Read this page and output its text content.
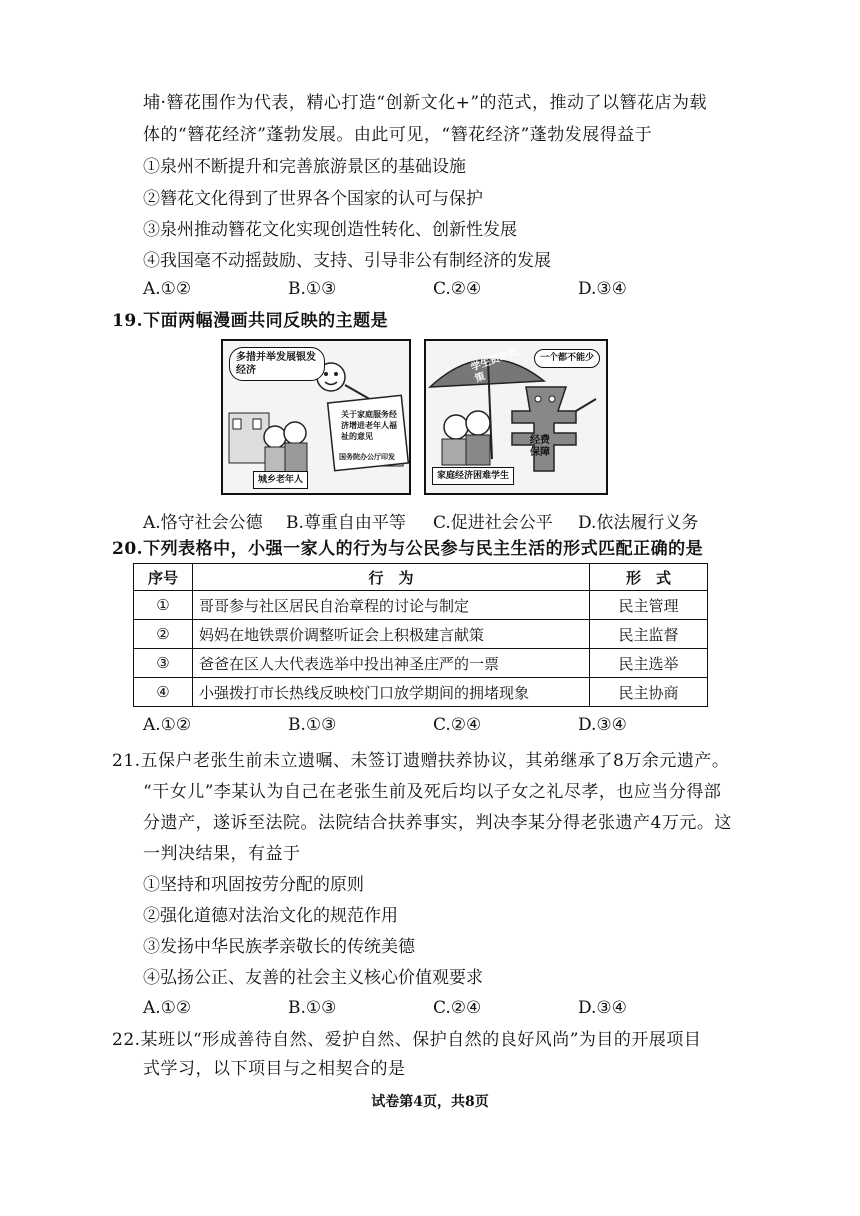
埔·簪花围作为代表，精心打造“创新文化+”的范式，推动了以簪花店为载
体的“簪花经济”蓬勃发展。由此可见，“簪花经济”蓬勃发展得益于
①泉州不断提升和完善旅游景区的基础设施
②簪花文化得到了世界各个国家的认可与保护
③泉州推动簪花文化实现创造性转化、创新性发展
④我国毫不动摇鼓励、支持、引导非公有制经济的发展
A.①②	B.①③	C.②④	D.③④
19.下面两幅漫画共同反映的主题是
多措并举发展银发经济
关于家庭服务经济增进老年人福祉的意见
国务院办公厅印发
城乡老年人
学生资助政策
一个都不能少
经费保障
家庭经济困难学生
A.恪守社会公德 B.尊重自由平等 C.促进社会公平 D.依法履行义务
20.下列表格中，小强一家人的行为与公民参与民主生活的形式匹配正确的是
序号	行　为	形　式
①	哥哥参与社区居民自治章程的讨论与制定	民主管理
②	妈妈在地铁票价调整听证会上积极建言献策	民主监督
③	爸爸在区人大代表选举中投出神圣庄严的一票	民主选举
④	小强拨打市长热线反映校门口放学期间的拥堵现象	民主协商
A.①②	B.①③	C.②④	D.③④
21.五保户老张生前未立遗嘱、未签订遗赠扶养协议，其弟继承了8万余元遗产。
“干女儿”李某认为自己在老张生前及死后均以子女之礼尽孝，也应当分得部
分遗产，遂诉至法院。法院结合扶养事实，判决李某分得老张遗产4万元。这
一判决结果，有益于
①坚持和巩固按劳分配的原则
②强化道德对法治文化的规范作用
③发扬中华民族孝亲敬长的传统美德
④弘扬公正、友善的社会主义核心价值观要求
A.①②	B.①③	C.②④	D.③④
22.某班以“形成善待自然、爱护自然、保护自然的良好风尚”为目的开展项目
式学习，以下项目与之相契合的是
试卷第4页，共8页
